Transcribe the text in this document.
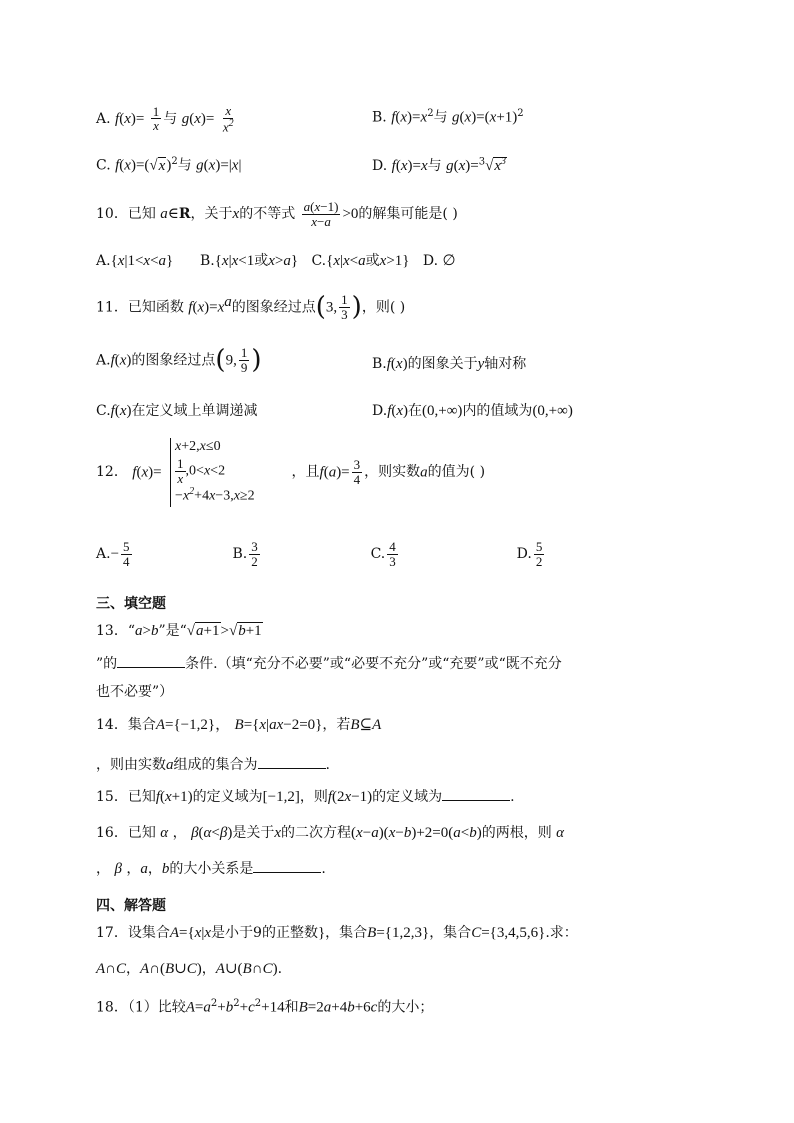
A. $f(x)= \frac{1}{x}$ 与 $g(x)= \frac{x}{x^2}$	B. $f(x)=x^2$与 $g(x)=(x+1)^2$
C. $f(x)=(√x)^2$与 g(x)=|x|	D. f(x)=x与 $g(x)=^3√x^3$
10．已知 a∈R，关于x的不等式 $\frac{a(x-1)}{x-a} >0$的解集可能是( )
A.{x|1<x<a} B.{x|x<1或x>a} C.{x|x<a或x>1} D. ∅
11．已知函数 $f(x)=x^a$的图象经过点(3, $\frac{1}{3}$ )，则( )
A.f(x)的图象经过点(9, $\frac{1}{9}$ )	B.f(x)的图象关于y轴对称
C.f(x)在定义域上单调递减	D.f(x)在(0,+∞)内的值域为(0,+∞)
12． f(x)=
x+2,x≤0
$\frac{1}{x} ,0<x<2$
$-x^2+4x-3,x\ge 2$
，且$f(a)= \frac{3}{4}$ ，则实数a的值为( )
$A.- \frac{5}{4}$	B. $\frac{3}{2}$	C. $\frac{4}{3}$	D. $\frac{5}{2}$
三、填空题
13．“a>b”是“√a+1>√b+1
”的	条件.（填“充分不必要”或“必要不充分”或“充要”或“既不充分
也不必要”）
14．集合A={−1,2}， B={x|ax−2=0}，若B⊆A
，则由实数a组成的集合为	.
15．已知f(x+1)的定义域为[−1,2]，则f(2x−1)的定义域为	.
16．已知 α ， β(α<β)是关于x的二次方程(x−a)(x−b)+2=0(a<b)的两根，则 α
， β ，a，b的大小关系是	.
四、解答题
17．设集合A={x|x是小于9的正整数}，集合B={1,2,3}，集合C={3,4,5,6}.求：
A∩C，A∩(B∪C)，A∪(B∩C).
18．（1）比较$A=a^2+b^2+c^2+14$和B=2a+4b+6c的大小；
